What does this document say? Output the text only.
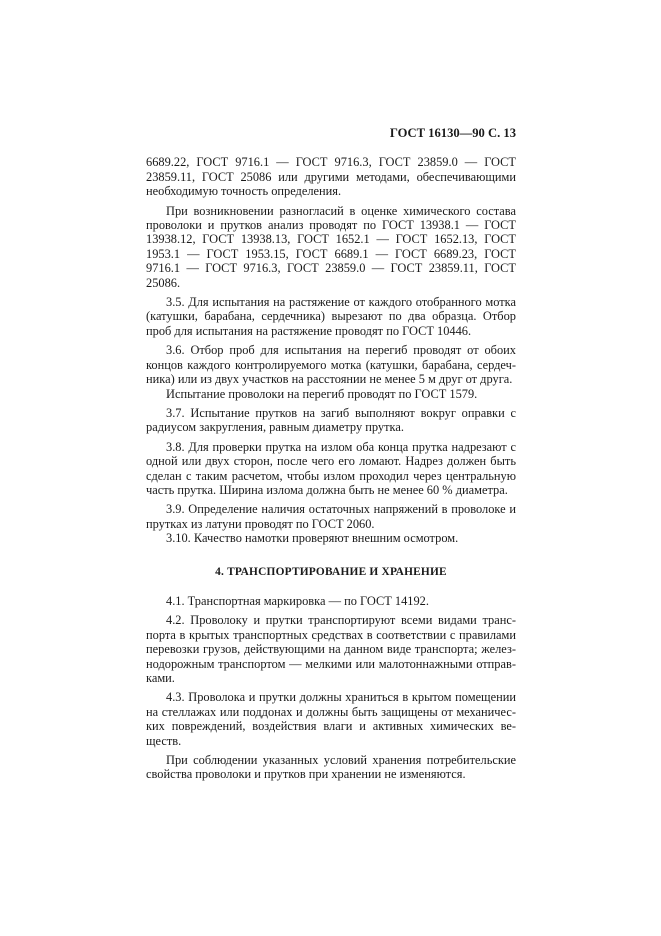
ГОСТ 16130—90 С. 13

6689.22, ГОСТ 9716.1 — ГОСТ 9716.3, ГОСТ 23859.0 — ГОСТ 23859.11, ГОСТ 25086 или другими методами, обеспечивающими необходимую точность определения.

При возникновении разногласий в оценке химического состава проволоки и прутков анализ проводят по ГОСТ 13938.1 — ГОСТ 13938.12, ГОСТ 13938.13, ГОСТ 1652.1 — ГОСТ 1652.13, ГОСТ 1953.1 — ГОСТ 1953.15, ГОСТ 6689.1 — ГОСТ 6689.23, ГОСТ 9716.1 — ГОСТ 9716.3, ГОСТ 23859.0 — ГОСТ 23859.11, ГОСТ 25086.

3.5. Для испытания на растяжение от каждого отобранного мотка (катушки, барабана, сердечника) вырезают по два образца. Отбор проб для испытания на растяжение проводят по ГОСТ 10446.

3.6. Отбор проб для испытания на перегиб проводят от обоих концов каждого контролируемого мотка (катушки, барабана, сердечника) или из двух участков на расстоянии не менее 5 м друг от друга.

Испытание проволоки на перегиб проводят по ГОСТ 1579.

3.7. Испытание прутков на загиб выполняют вокруг оправки с радиусом закругления, равным диаметру прутка.

3.8. Для проверки прутка на излом оба конца прутка надрезают с одной или двух сторон, после чего его ломают. Надрез должен быть сделан с таким расчетом, чтобы излом проходил через центральную часть прутка. Ширина излома должна быть не менее 60 % диаметра.

3.9. Определение наличия остаточных напряжений в проволоке и прутках из латуни проводят по ГОСТ 2060.

3.10. Качество намотки проверяют внешним осмотром.

4. ТРАНСПОРТИРОВАНИЕ И ХРАНЕНИЕ

4.1. Транспортная маркировка — по ГОСТ 14192.

4.2. Проволоку и прутки транспортируют всеми видами транспорта в крытых транспортных средствах в соответствии с правилами перевозки грузов, действующими на данном виде транспорта; железнодорожным транспортом — мелкими или малотоннажными отправками.

4.3. Проволока и прутки должны храниться в крытом помещении на стеллажах или поддонах и должны быть защищены от механических повреждений, воздействия влаги и активных химических веществ.

При соблюдении указанных условий хранения потребительские свойства проволоки и прутков при хранении не изменяются.
